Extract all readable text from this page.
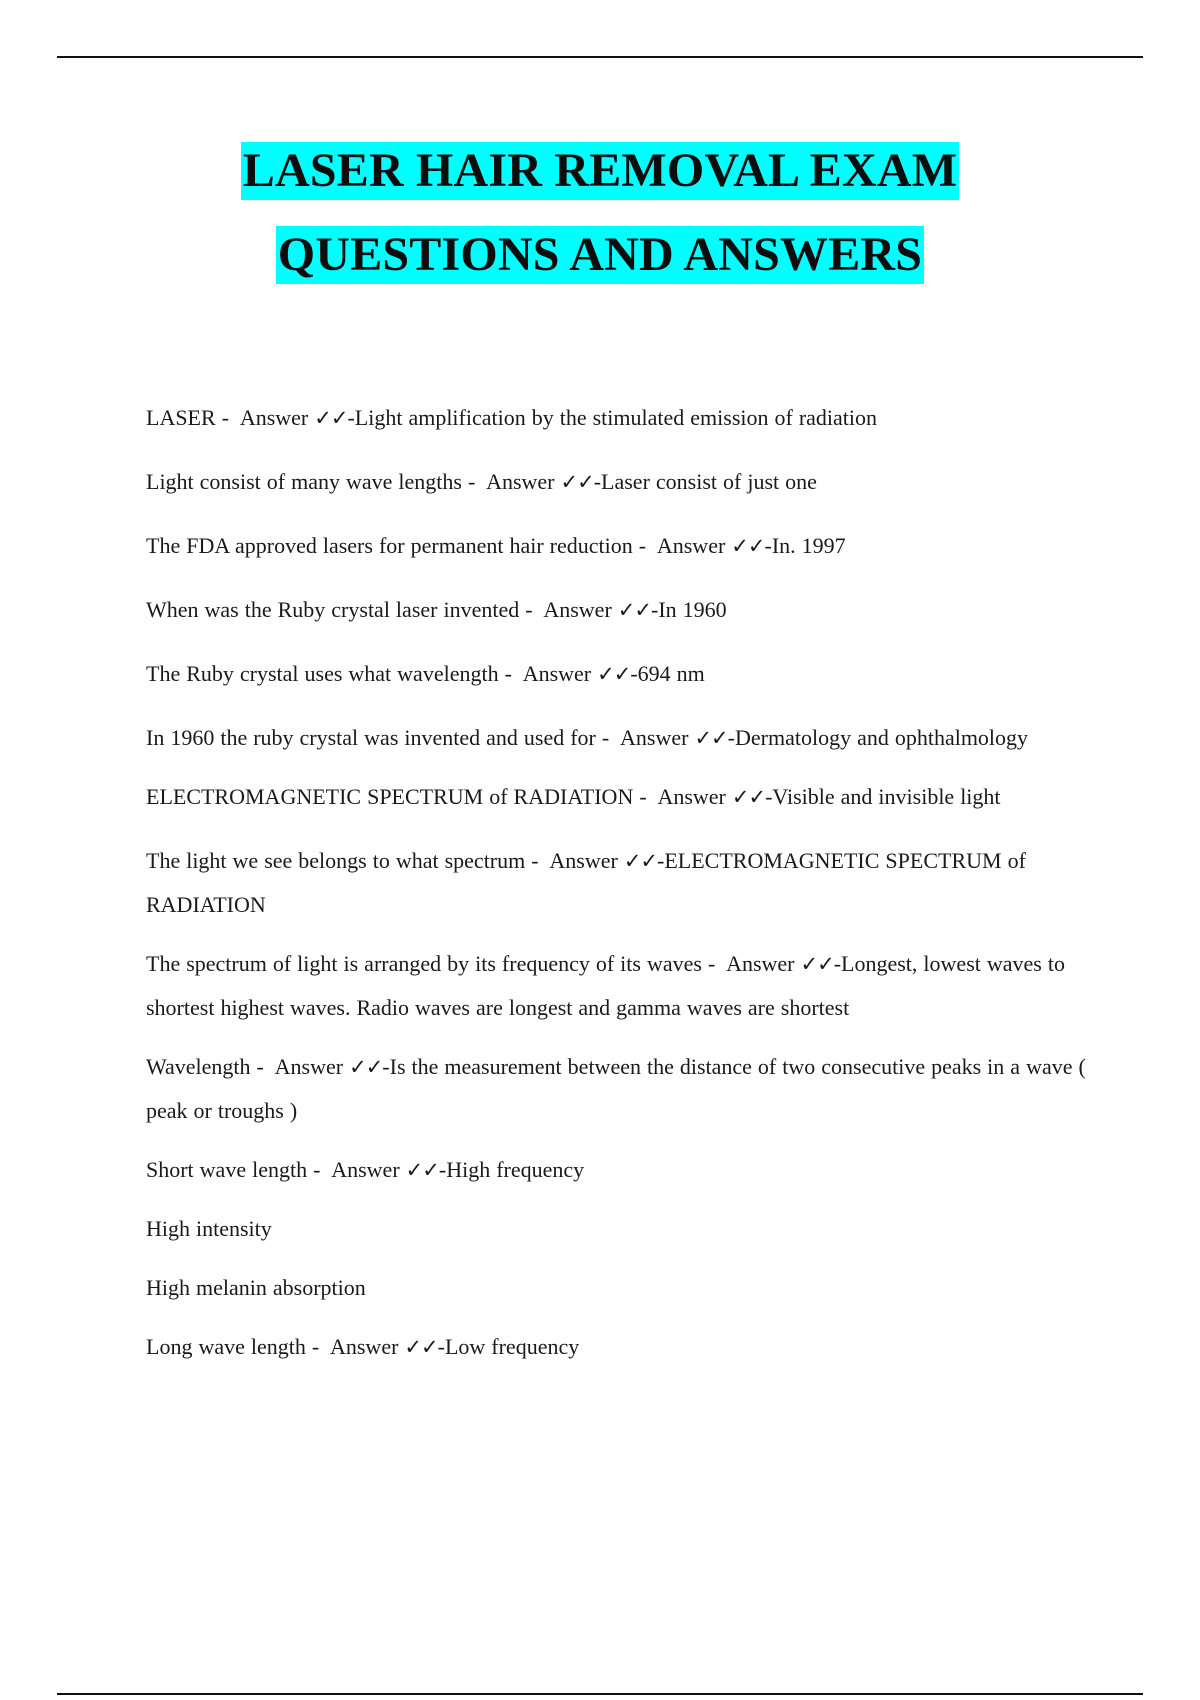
LASER HAIR REMOVAL EXAM
QUESTIONS AND ANSWERS
LASER -  Answer ✓✓-Light amplification by the stimulated emission of radiation
Light consist of many wave lengths -  Answer ✓✓-Laser consist of just one
The FDA approved lasers for permanent hair reduction -  Answer ✓✓-In. 1997
When was the Ruby crystal laser invented -  Answer ✓✓-In 1960
The Ruby crystal uses what wavelength -  Answer ✓✓-694 nm
In 1960 the ruby crystal was invented and used for -  Answer ✓✓-Dermatology and ophthalmology
ELECTROMAGNETIC SPECTRUM of RADIATION -  Answer ✓✓-Visible and invisible light
The light we see belongs to what spectrum -  Answer ✓✓-ELECTROMAGNETIC SPECTRUM of RADIATION
The spectrum of light is arranged by its frequency of its waves -  Answer ✓✓-Longest, lowest waves to shortest highest waves. Radio waves are longest and gamma waves are shortest
Wavelength -  Answer ✓✓-Is the measurement between the distance of two consecutive peaks in a wave ( peak or troughs )
Short wave length -  Answer ✓✓-High frequency
High intensity
High melanin absorption
Long wave length -  Answer ✓✓-Low frequency
